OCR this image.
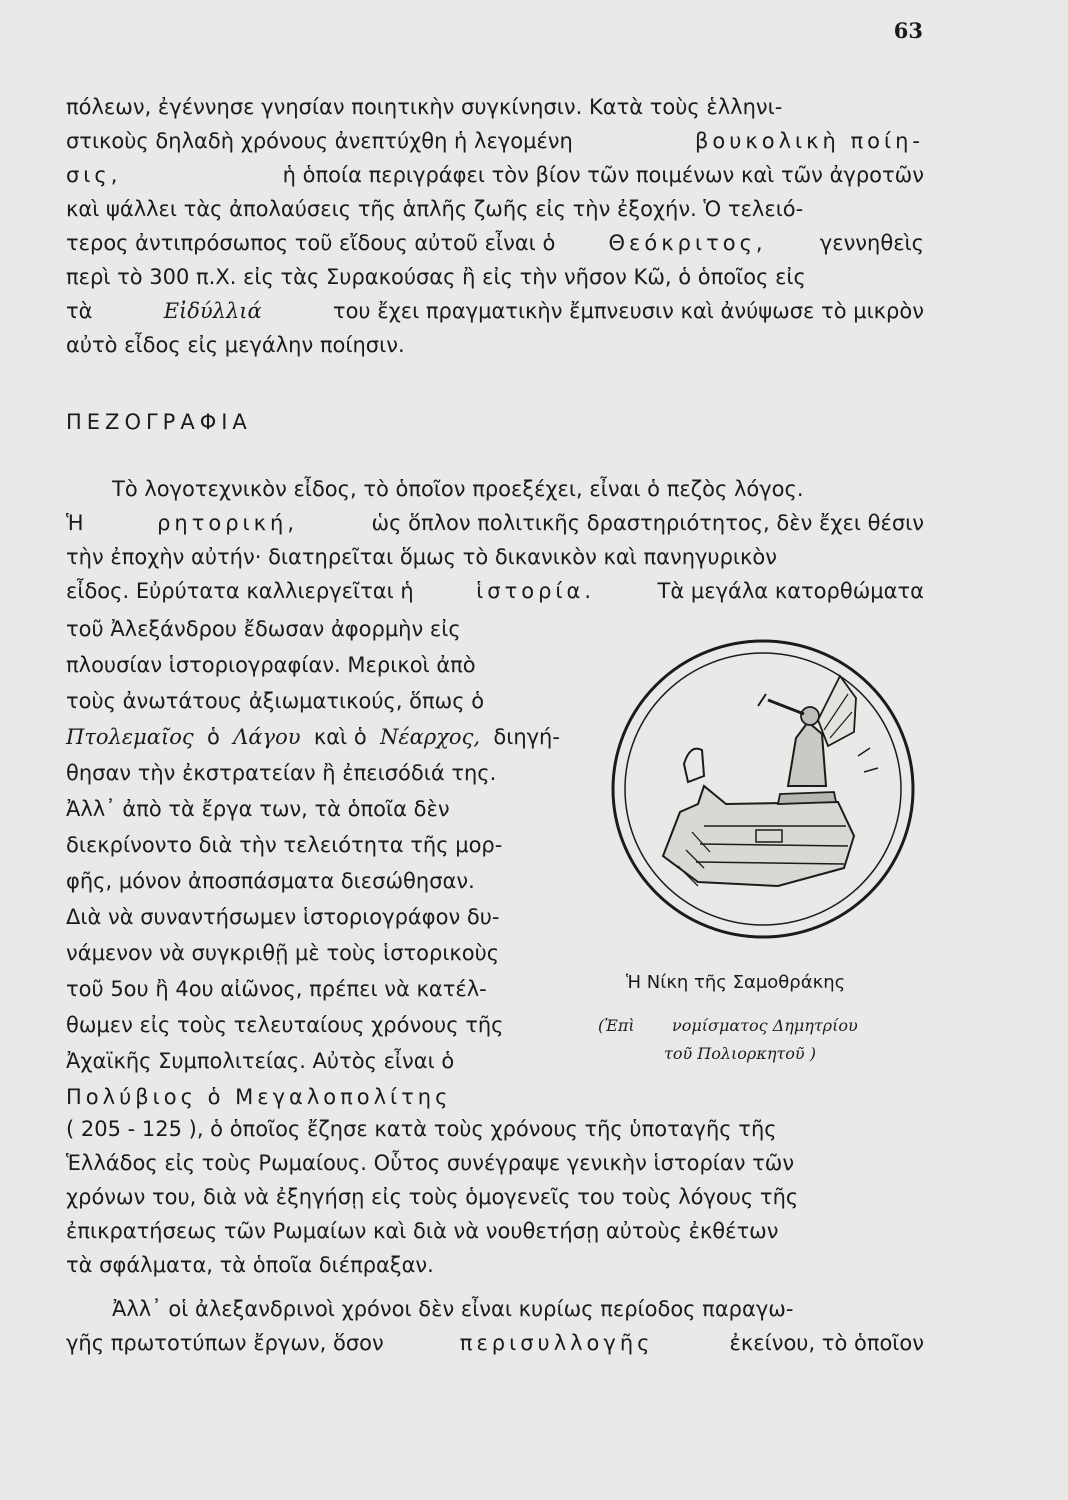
63
πόλεων, ἐγέννησε γνησίαν ποιητικὴν συγκίνησιν. Κατὰ τοὺς ἑλληνι-
στικοὺς δηλαδὴ χρόνους ἀνεπτύχθη ἡ λεγομένη	βουκολικὴ ποίη-
σις,	ἡ ὁποία περιγράφει τὸν βίον τῶν ποιμένων καὶ τῶν ἀγροτῶν
καὶ ψάλλει τὰς ἀπολαύσεις τῆς ἁπλῆς ζωῆς εἰς τὴν ἐξοχήν. Ὁ τελειό-
τερος ἀντιπρόσωπος τοῦ εἴδους αὐτοῦ εἶναι ὁ Θεόκριτος, γεννηθεὶς
περὶ τὸ 300 π.Χ. εἰς τὰς Συρακούσας ἢ εἰς τὴν νῆσον Κῶ, ὁ ὁποῖος εἰς
τὰ	Εἰδύλλιά	του ἔχει πραγματικὴν ἔμπνευσιν καὶ ἀνύψωσε τὸ μικρὸν
αὐτὸ εἶδος εἰς μεγάλην ποίησιν.
ΠΕΖΟΓΡΑΦΙΑ
Τὸ λογοτεχνικὸν εἶδος, τὸ ὁποῖον προεξέχει, εἶναι ὁ πεζὸς λόγος.
Ἡ	ρητορική,	ὡς ὅπλον πολιτικῆς δραστηριότητος, δὲν ἔχει θέσιν
τὴν ἐποχὴν αὐτήν· διατηρεῖται ὅμως τὸ δικανικὸν καὶ πανηγυρικὸν
εἶδος. Εὐρύτατα καλλιεργεῖται ἡ	ἱστορία.	Τὰ μεγάλα κατορθώματα
τοῦ Ἀλεξάνδρου ἔδωσαν ἀφορμὴν εἰς
πλουσίαν ἱστοριογραφίαν. Μερικοὶ ἀπὸ
τοὺς ἀνωτάτους ἀξιωματικούς, ὅπως ὁ
Πτολεμαῖος ὁ Λάγου καὶ ὁ Νέαρχος, διηγή-
θησαν τὴν ἐκστρατείαν ἢ ἐπεισόδιά της.
Ἀλλ᾽ ἀπὸ τὰ ἔργα των, τὰ ὁποῖα δὲν
διεκρίνοντο διὰ τὴν τελειότητα τῆς μορ-
φῆς, μόνον ἀποσπάσματα διεσώθησαν.
Διὰ νὰ συναντήσωμεν ἱστοριογράφον δυ-
νάμενον νὰ συγκριθῇ μὲ τοὺς ἱστορικοὺς
τοῦ 5ου ἢ 4ου αἰῶνος, πρέπει νὰ κατέλ-
θωμεν εἰς τοὺς τελευταίους χρόνους τῆς
Ἀχαϊκῆς Συμπολιτείας. Αὐτὸς εἶναι ὁ
Πολύβιος ὁ Μεγαλοπολίτης
Ἡ Νίκη τῆς Σαμοθράκης
(Ἐπὶ νομίσματος Δημητρίου
τοῦ Πολιορκητοῦ )
( 205 - 125 ), ὁ ὁποῖος ἔζησε κατὰ τοὺς χρόνους τῆς ὑποταγῆς τῆς
Ἑλλάδος εἰς τοὺς Ρωμαίους. Οὗτος συνέγραψε γενικὴν ἱστορίαν τῶν
χρόνων του, διὰ νὰ ἐξηγήσῃ εἰς τοὺς ὁμογενεῖς του τοὺς λόγους τῆς
ἐπικρατήσεως τῶν Ρωμαίων καὶ διὰ νὰ νουθετήσῃ αὐτοὺς ἐκθέτων
τὰ σφάλματα, τὰ ὁποῖα διέπραξαν.
Ἀλλ᾽ οἱ ἀλεξανδρινοὶ χρόνοι δὲν εἶναι κυρίως περίοδος παραγω-
γῆς πρωτοτύπων ἔργων, ὅσον	περισυλλογῆς	ἐκείνου, τὸ ὁποῖον
